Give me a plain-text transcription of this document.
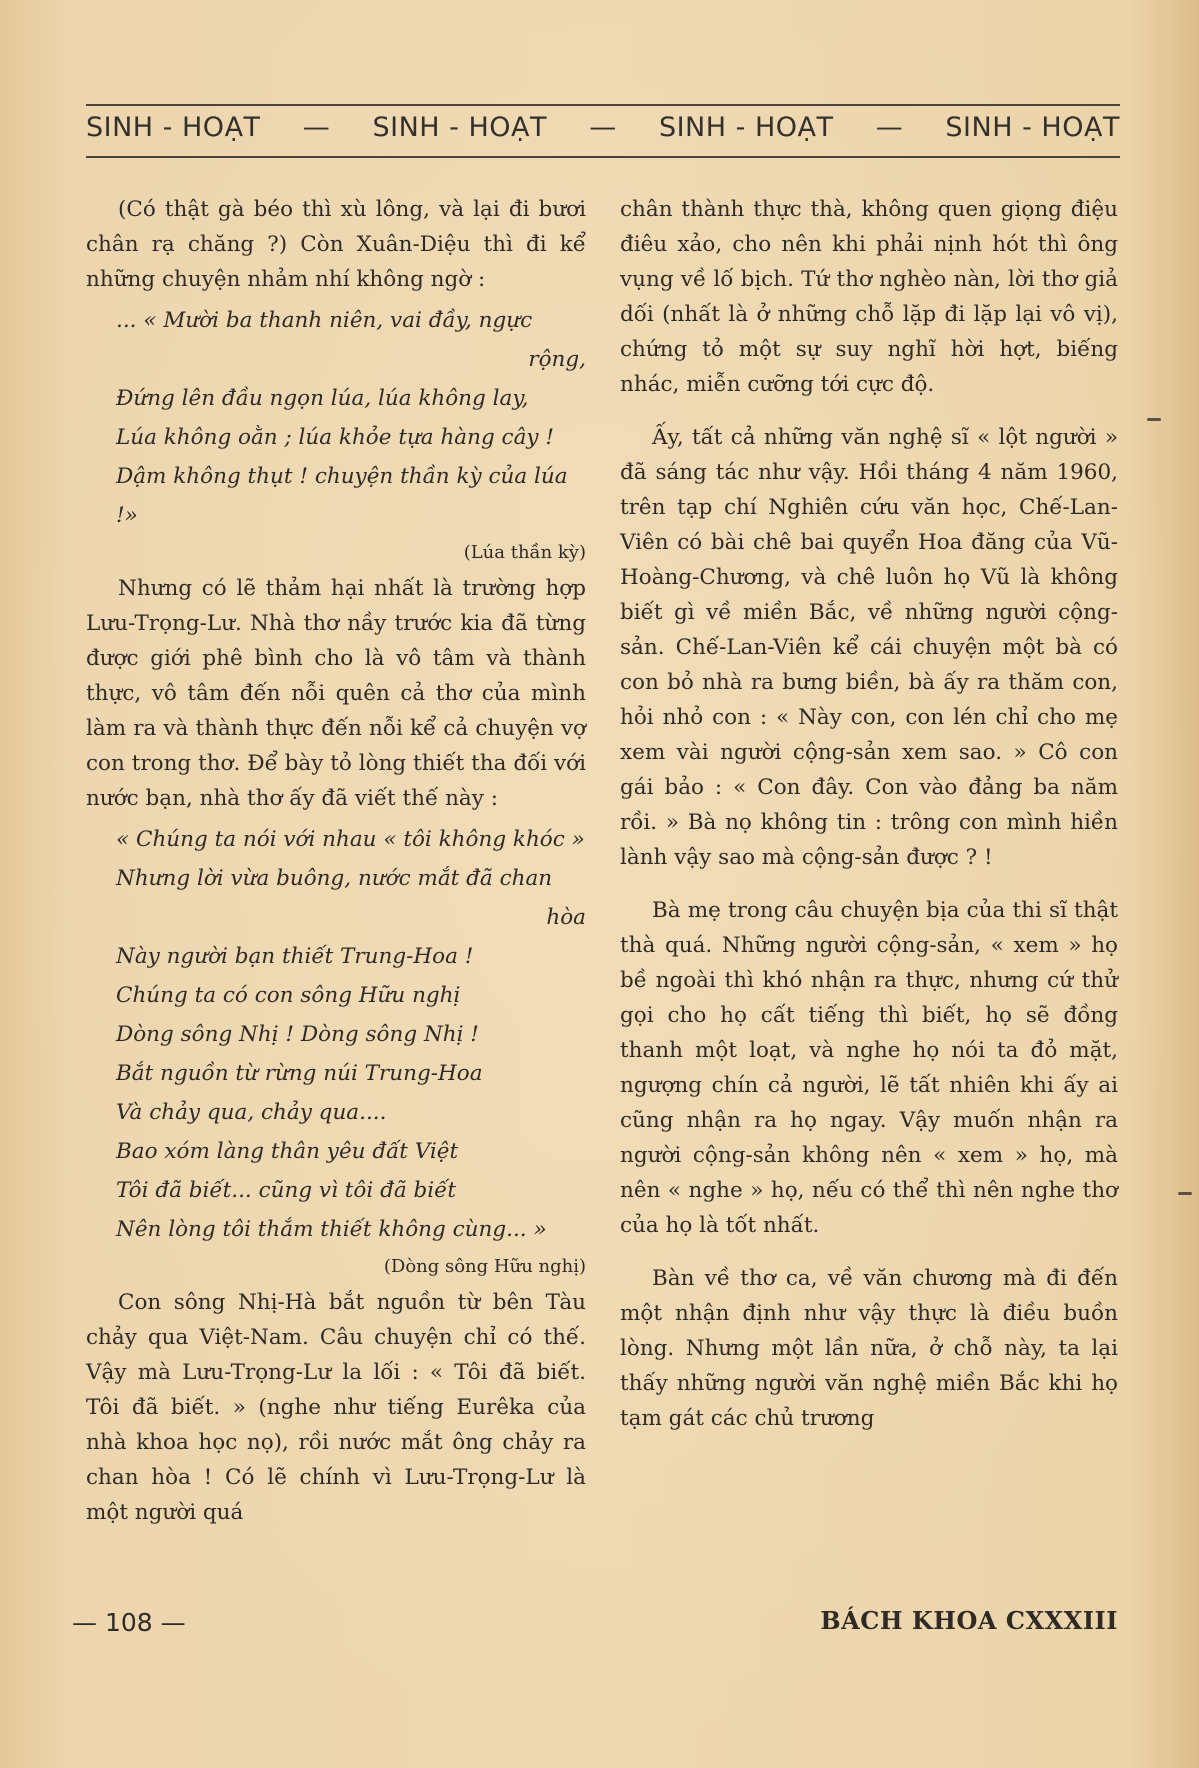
SINH - HOẠT — SINH - HOẠT — SINH - HOẠT — SINH - HOẠT

(Có thật gà béo thì xù lông, và lại đi bươi chân rạ chăng ?) Còn Xuân-Diệu thì đi kể những chuyện nhảm nhí không ngờ :

... « Mười ba thanh niên, vai đầy, ngực
rộng,
Đứng lên đầu ngọn lúa, lúa không lay,
Lúa không oằn ; lúa khỏe tựa hàng cây !
Dậm không thụt ! chuyện thần kỳ của lúa !»
(Lúa thần kỳ)

Nhưng có lẽ thảm hại nhất là trường hợp Lưu-Trọng-Lư. Nhà thơ nầy trước kia đã từng được giới phê bình cho là vô tâm và thành thực, vô tâm đến nỗi quên cả thơ của mình làm ra và thành thực đến nỗi kể cả chuyện vợ con trong thơ. Để bày tỏ lòng thiết tha đối với nước bạn, nhà thơ ấy đã viết thế này :

« Chúng ta nói với nhau « tôi không khóc »
Nhưng lời vừa buông, nước mắt đã chan
hòa
Này người bạn thiết Trung-Hoa !
Chúng ta có con sông Hữu nghị
Dòng sông Nhị ! Dòng sông Nhị !
Bắt nguồn từ rừng núi Trung-Hoa
Và chảy qua, chảy qua....
Bao xóm làng thân yêu đất Việt
Tôi đã biết... cũng vì tôi đã biết
Nên lòng tôi thắm thiết không cùng... »
(Dòng sông Hữu nghị)

Con sông Nhị-Hà bắt nguồn từ bên Tàu chảy qua Việt-Nam. Câu chuyện chỉ có thế. Vậy mà Lưu-Trọng-Lư la lối : « Tôi đã biết. Tôi đã biết. » (nghe như tiếng Eurêka của nhà khoa học nọ), rồi nước mắt ông chảy ra chan hòa ! Có lẽ chính vì Lưu-Trọng-Lư là một người quá

chân thành thực thà, không quen giọng điệu điêu xảo, cho nên khi phải nịnh hót thì ông vụng về lố bịch. Tứ thơ nghèo nàn, lời thơ giả dối (nhất là ở những chỗ lặp đi lặp lại vô vị), chứng tỏ một sự suy nghĩ hời hợt, biếng nhác, miễn cưỡng tới cực độ.

Ấy, tất cả những văn nghệ sĩ « lột người » đã sáng tác như vậy. Hồi tháng 4 năm 1960, trên tạp chí Nghiên cứu văn học, Chế-Lan-Viên có bài chê bai quyển Hoa đăng của Vũ-Hoàng-Chương, và chê luôn họ Vũ là không biết gì về miền Bắc, về những người cộng-sản. Chế-Lan-Viên kể cái chuyện một bà có con bỏ nhà ra bưng biền, bà ấy ra thăm con, hỏi nhỏ con : « Này con, con lén chỉ cho mẹ xem vài người cộng-sản xem sao. » Cô con gái bảo : « Con đây. Con vào đảng ba năm rồi. » Bà nọ không tin : trông con mình hiền lành vậy sao mà cộng-sản được ? !

Bà mẹ trong câu chuyện bịa của thi sĩ thật thà quá. Những người cộng-sản, « xem » họ bề ngoài thì khó nhận ra thực, nhưng cứ thử gọi cho họ cất tiếng thì biết, họ sẽ đồng thanh một loạt, và nghe họ nói ta đỏ mặt, ngượng chín cả người, lẽ tất nhiên khi ấy ai cũng nhận ra họ ngay. Vậy muốn nhận ra người cộng-sản không nên « xem » họ, mà nên « nghe » họ, nếu có thể thì nên nghe thơ của họ là tốt nhất.

Bàn về thơ ca, về văn chương mà đi đến một nhận định như vậy thực là điều buồn lòng. Nhưng một lần nữa, ở chỗ này, ta lại thấy những người văn nghệ miền Bắc khi họ tạm gát các chủ trương

— 108 —	BÁCH KHOA CXXXIII
